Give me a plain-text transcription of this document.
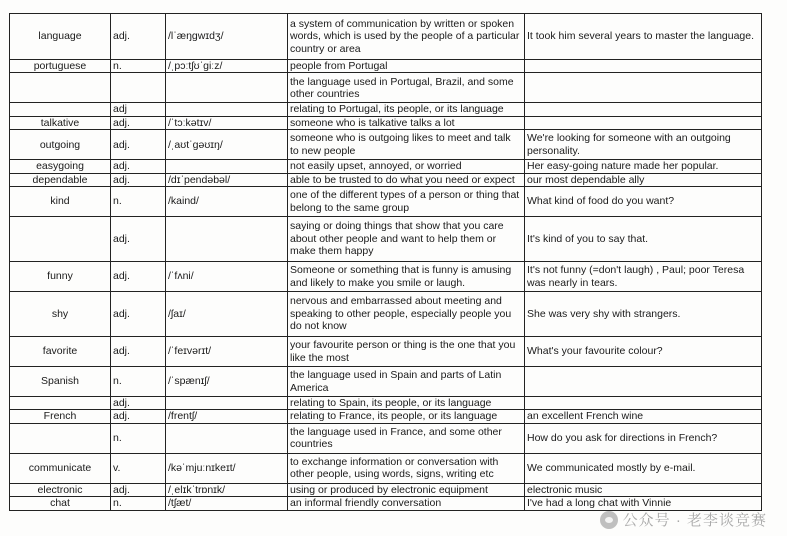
language	adj.	/lˈæŋgwɪdʒ/	a system of communication by written or spoken words, which is used by the people of a particular country or area	It took him several years to master the language.
portuguese	n.	/ˌpɔːtʃʊˈgiːz/	people from Portugal	
			the language used in Portugal, Brazil, and some other countries	
	adj		relating to Portugal, its people, or its language	
talkative	adj.	/ˈtɔːkətɪv/	someone who is talkative talks a lot	
outgoing	adj.	/ˌaʊtˈgəʊɪŋ/	someone who is outgoing likes to meet and talk to new people	We're looking for someone with an outgoing personality.
easygoing	adj.		not easily upset, annoyed, or worried	Her easy-going nature made her popular.
dependable	adj.	/dɪˈpendəbəl/	able to be trusted to do what you need or expect	our most dependable ally
kind	n.	/kaind/	one of the different types of a person or thing that belong to the same group	What kind of food do you want?
	adj.		saying or doing things that show that you care about other people and want to help them or make them happy	It's kind of you to say that.
funny	adj.	/ˈfʌni/	Someone or something that is funny is amusing and likely to make you smile or laugh.	It's not funny (=don't laugh) , Paul; poor Teresa was nearly in tears.
shy	adj.	/ʃaɪ/	nervous and embarrassed about meeting and speaking to other people, especially people you do not know	She was very shy with strangers.
favorite	adj.	/ˈfeɪvərɪt/	your favourite person or thing is the one that you like the most	What's your favourite colour?
Spanish	n.	/ˈspænɪʃ/	the language used in Spain and parts of Latin America	
	adj.		relating to Spain, its people, or its language	
French	adj.	/frentʃ/	relating to France, its people, or its language	an excellent French wine
	n.		the language used in France, and some other countries	How do you ask for directions in French?
communicate	v.	/kəˈmjuːnɪkeɪt/	to exchange information or conversation with other people, using words, signs, writing etc	We communicated mostly by e-mail.
electronic	adj.	/ˌelɪkˈtrɒnɪk/	using or produced by electronic equipment	electronic music
chat	n.	/tʃæt/	an informal friendly conversation	I've had a long chat with Vinnie
公众号 · 老李谈竞赛
